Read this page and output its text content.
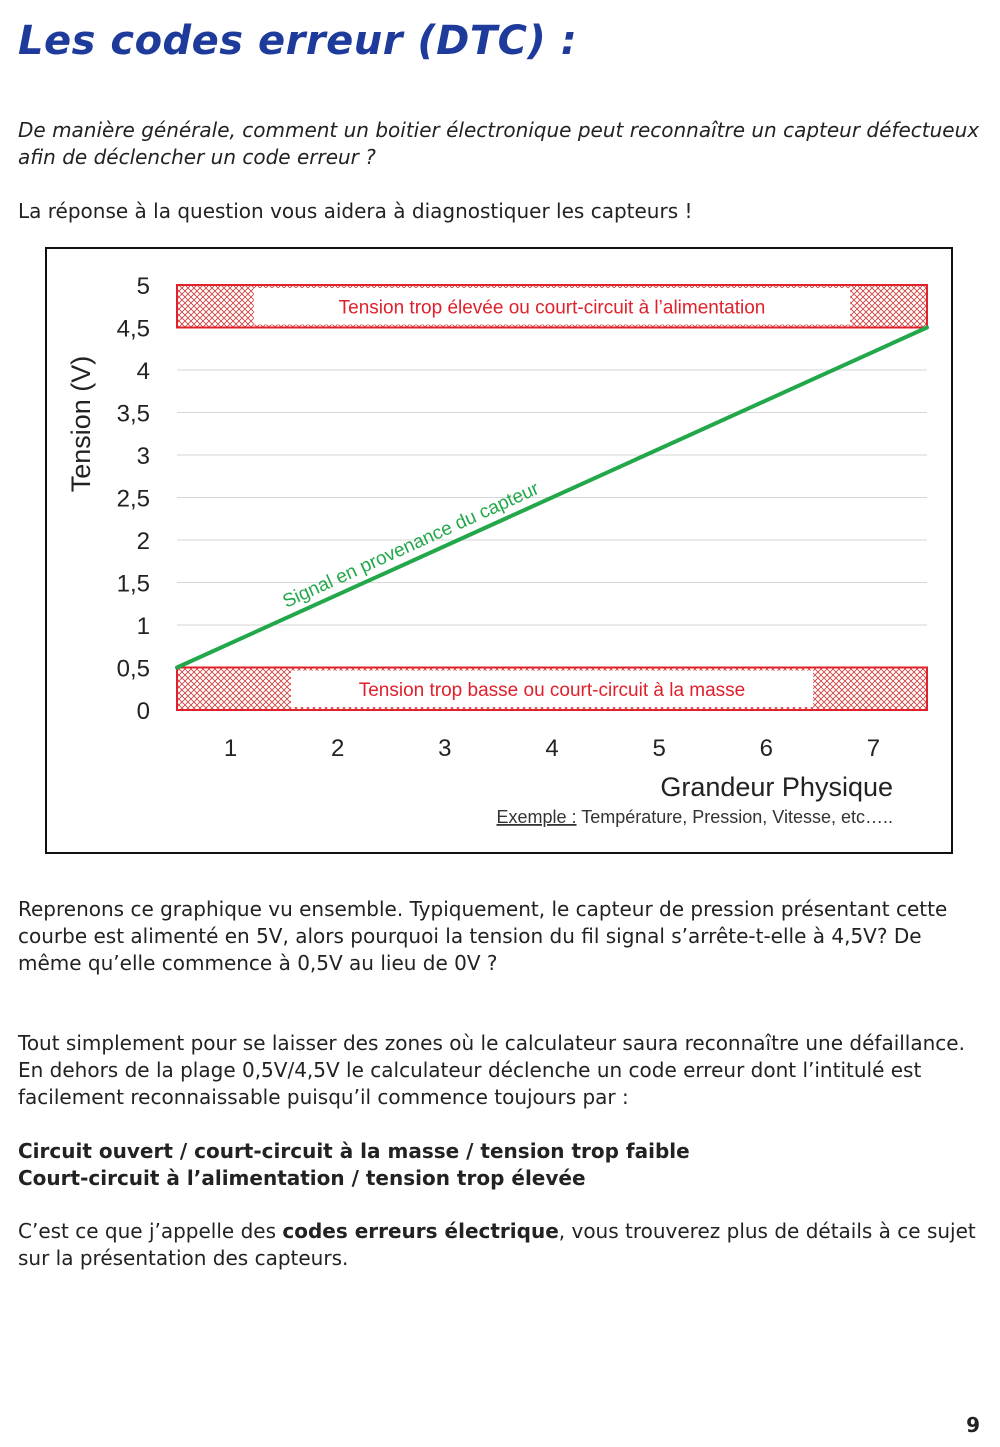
Les codes erreur (DTC) :

De manière générale, comment un boitier électronique peut reconnaître un capteur défectueux afin de déclencher un code erreur ?

La réponse à la question vous aidera à diagnostiquer les capteurs !

Tension trop élevée ou court-circuit à l’alimentation
Tension trop basse ou court-circuit à la masse
0
0,5
1
1,5
2
2,5
3
3,5
4
4,5
5
1	2	3	4	5	6	7
Signal en provenance du capteur
Tension (V)
Grandeur Physique
Exemple : Température, Pression, Vitesse, etc…..

Reprenons ce graphique vu ensemble. Typiquement, le capteur de pression présentant cette courbe est alimenté en 5V, alors pourquoi la tension du fil signal s’arrête-t-elle à 4,5V? De même qu’elle commence à 0,5V au lieu de 0V ?

Tout simplement pour se laisser des zones où le calculateur saura reconnaître une défaillance. En dehors de la plage 0,5V/4,5V le calculateur déclenche un code erreur dont l’intitulé est facilement reconnaissable puisqu’il commence toujours par :

Circuit ouvert / court-circuit à la masse / tension trop faible

Court-circuit à l’alimentation / tension trop élevée

C’est ce que j’appelle des codes erreurs électrique, vous trouverez plus de détails à ce sujet sur la présentation des capteurs.

9
